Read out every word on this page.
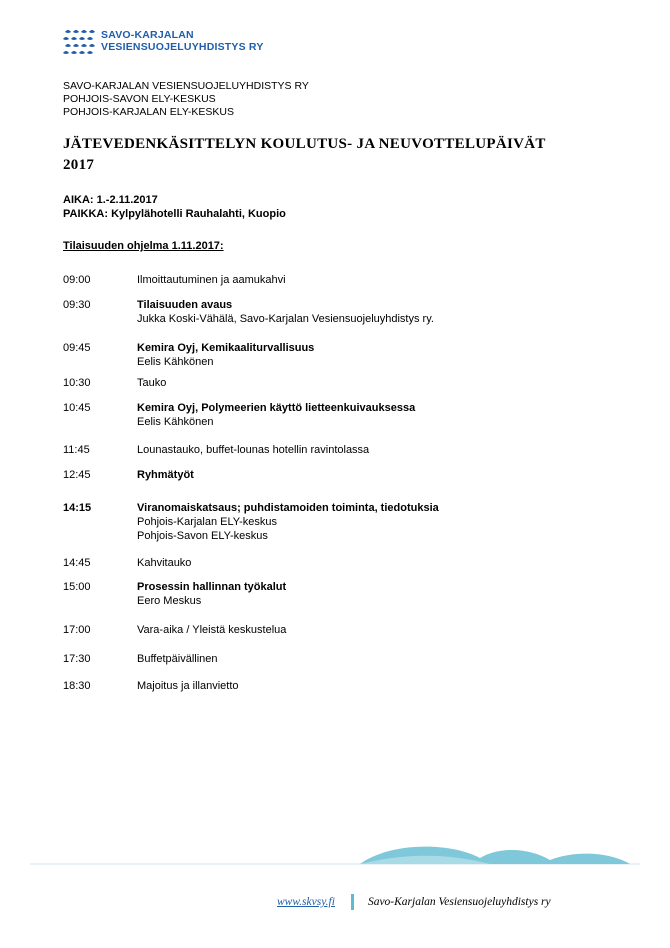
SAVO-KARJALAN
VESIENSUOJELUYHDISTYS RY
SAVO-KARJALAN VESIENSUOJELUYHDISTYS RY
POHJOIS-SAVON ELY-KESKUS
POHJOIS-KARJALAN ELY-KESKUS
JÄTEVEDENKÄSITTELYN KOULUTUS- JA NEUVOTTELUPÄIVÄT
2017
AIKA: 1.-2.11.2017
PAIKKA: Kylpylähotelli Rauhalahti, Kuopio
Tilaisuuden ohjelma 1.11.2017:
09:00	Ilmoittautuminen ja aamukahvi
09:30	Tilaisuuden avaus
Jukka Koski-Vähälä, Savo-Karjalan Vesiensuojeluyhdistys ry.
09:45	Kemira Oyj, Kemikaaliturvallisuus
Eelis Kähkönen
10:30	Tauko
10:45	Kemira Oyj, Polymeerien käyttö lietteenkuivauksessa
Eelis Kähkönen
11:45	Lounastauko, buffet-lounas hotellin ravintolassa
12:45	Ryhmätyöt
14:15	Viranomaiskatsaus; puhdistamoiden toiminta, tiedotuksia
Pohjois-Karjalan ELY-keskus
Pohjois-Savon ELY-keskus
14:45	Kahvitauko
15:00	Prosessin hallinnan työkalut
Eero Meskus
17:00	Vara-aika / Yleistä keskustelua
17:30	Buffetpäivällinen
18:30	Majoitus ja illanvietto
www.skvsy.fi	Savo-Karjalan Vesiensuojeluyhdistys ry
